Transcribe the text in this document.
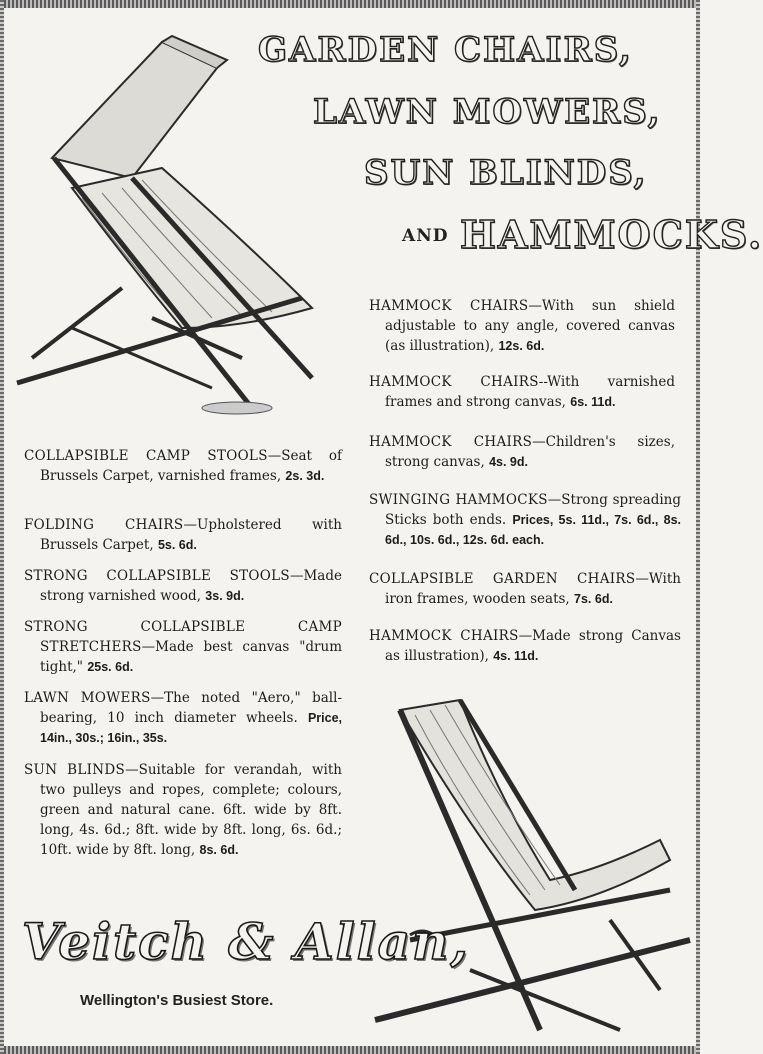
GARDEN CHAIRS,
LAWN MOWERS,
SUN BLINDS,
AND HAMMOCKS.
HAMMOCK CHAIRS—With sun shield adjustable to any angle, covered canvas (as illustration), 12s. 6d.
HAMMOCK CHAIRS--With varnished frames and strong canvas, 6s. 11d.
HAMMOCK CHAIRS—Children's sizes, strong canvas, 4s. 9d.
SWINGING HAMMOCKS—Strong spreading Sticks both ends. Prices, 5s. 11d., 7s. 6d., 8s. 6d., 10s. 6d., 12s. 6d. each.
COLLAPSIBLE GARDEN CHAIRS—With iron frames, wooden seats, 7s. 6d.
HAMMOCK CHAIRS—Made strong Canvas as illustration), 4s. 11d.
COLLAPSIBLE CAMP STOOLS—Seat of Brussels Carpet, varnished frames, 2s. 3d.
FOLDING CHAIRS—Upholstered with Brussels Carpet, 5s. 6d.
STRONG COLLAPSIBLE STOOLS—Made strong varnished wood, 3s. 9d.
STRONG COLLAPSIBLE CAMP STRETCHERS—Made best canvas "drum tight," 25s. 6d.
LAWN MOWERS—The noted "Aero," ball-bearing, 10 inch diameter wheels. Price, 14in., 30s.; 16in., 35s.
SUN BLINDS—Suitable for verandah, with two pulleys and ropes, complete; colours, green and natural cane. 6ft. wide by 8ft. long, 4s. 6d.; 8ft. wide by 8ft. long, 6s. 6d.; 10ft. wide by 8ft. long, 8s. 6d.
Veitch & Allan,
Wellington's Busiest Store.
